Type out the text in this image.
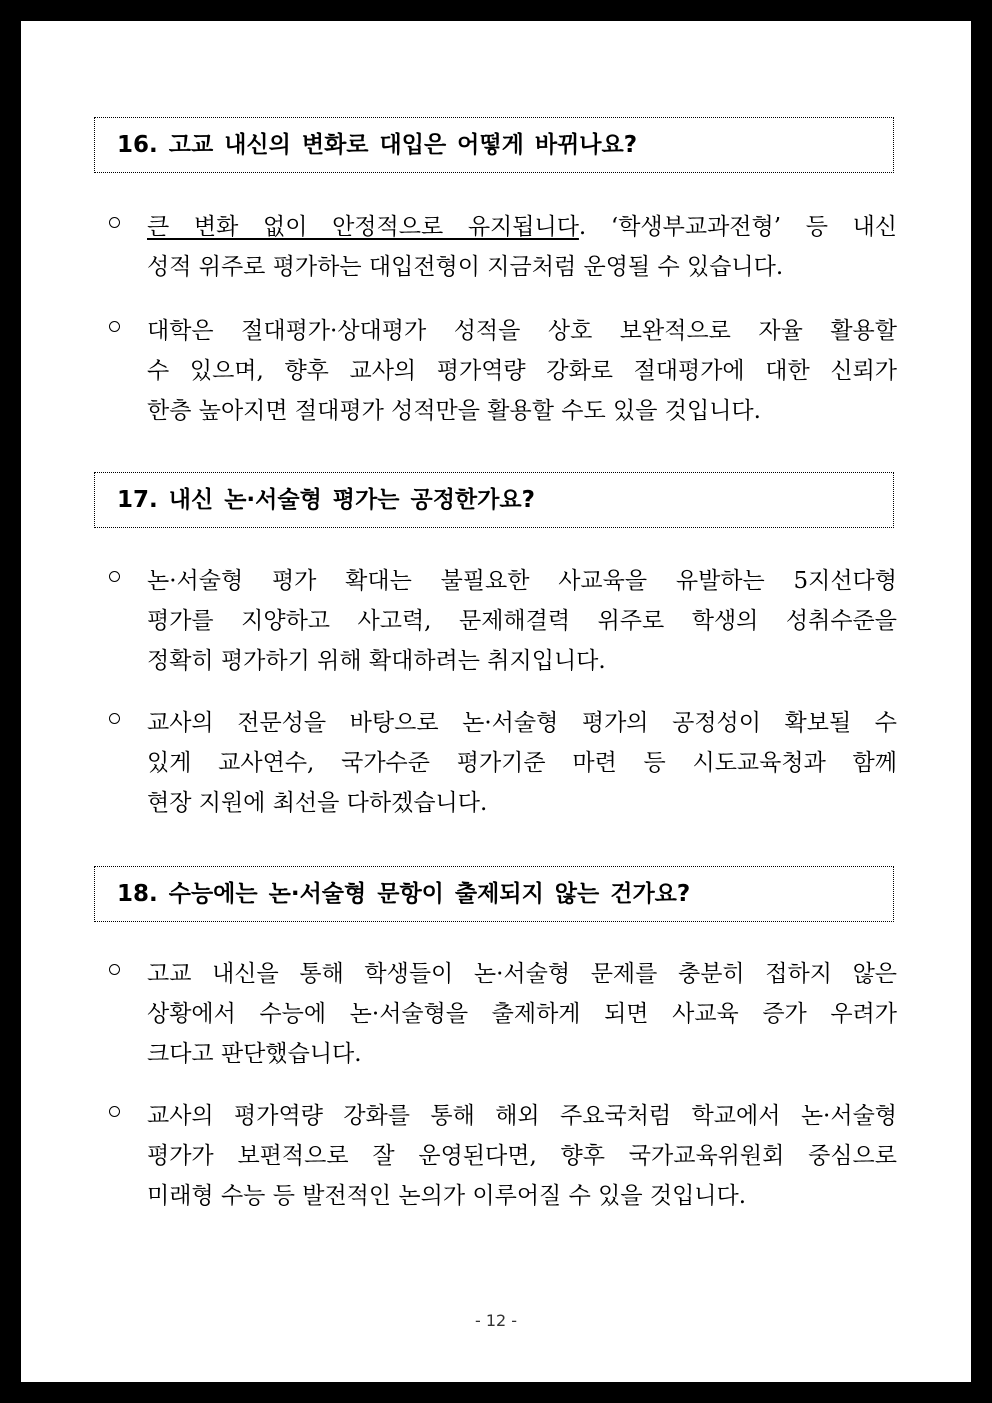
16. 고교 내신의 변화로 대입은 어떻게 바뀌나요?
큰 변화 없이 안정적으로 유지됩니다. ‘학생부교과전형’ 등 내신
성적 위주로 평가하는 대입전형이 지금처럼 운영될 수 있습니다.
대학은 절대평가·상대평가 성적을 상호 보완적으로 자율 활용할
수 있으며, 향후 교사의 평가역량 강화로 절대평가에 대한 신뢰가
한층 높아지면 절대평가 성적만을 활용할 수도 있을 것입니다.
17. 내신 논·서술형 평가는 공정한가요?
논·서술형 평가 확대는 불필요한 사교육을 유발하는 5지선다형
평가를 지양하고 사고력, 문제해결력 위주로 학생의 성취수준을
정확히 평가하기 위해 확대하려는 취지입니다.
교사의 전문성을 바탕으로 논·서술형 평가의 공정성이 확보될 수
있게 교사연수, 국가수준 평가기준 마련 등 시도교육청과 함께
현장 지원에 최선을 다하겠습니다.
18. 수능에는 논·서술형 문항이 출제되지 않는 건가요?
고교 내신을 통해 학생들이 논·서술형 문제를 충분히 접하지 않은
상황에서 수능에 논·서술형을 출제하게 되면 사교육 증가 우려가
크다고 판단했습니다.
교사의 평가역량 강화를 통해 해외 주요국처럼 학교에서 논·서술형
평가가 보편적으로 잘 운영된다면, 향후 국가교육위원회 중심으로
미래형 수능 등 발전적인 논의가 이루어질 수 있을 것입니다.
- 12 -
